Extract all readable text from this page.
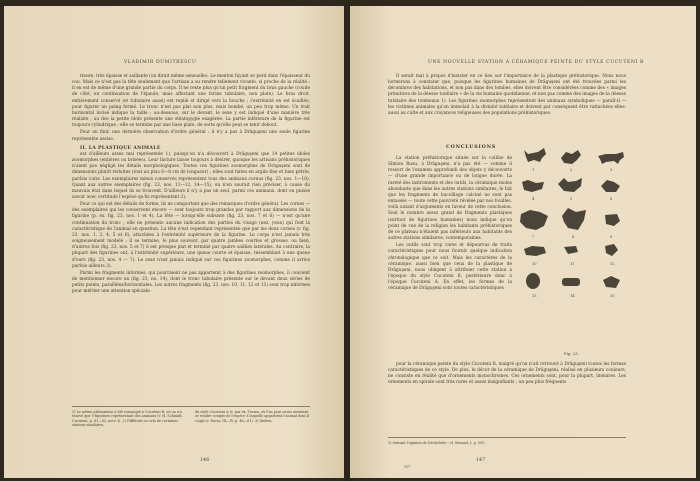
VLADIMIR DUMITRESCU

rieure, très épaisse et saillante (on dirait même sensuelle). Le menton fuyant se perd dans l'épaisseur du cou. Mais ce n'est pas la tête seulement que l'artisan a su rendre tellement vivante, si proche de la réalité : il en est de même d'une grande partie du corps. Il ne reste plus qu'un petit fragment du bras gauche (coude de côté, en continuation de l'épaule, mais affectant une forme tubulaire, non plate). Le bras droit, entièrement conservé (et tubulaire aussi) est replié et dirigé vers la bouche ; l'extrémité en est écaillée, pour figurer un poing fermé. Le tronc n'est pas plat non plus, mais bombé, un peu trop même. Un trait horizontal incisé indique la taille ; au-dessous, sur le devant, le sexe y est indiqué d'une manière très réaliste ; au dos la petite idole présente une stéatopygie exagérée. La partie inférieure de la figurine est toujours cylindrique ; elle se termine par une base plate, de sorte qu'elle peut se tenir debout.

Pour en finir, une dernière observation d'ordre général : il n'y a pas à Drăguşeni une seule figurine représentée assise.

II. LA PLASTIQUE ANIMALE

est d'ailleurs assez mal représentée 1), puisqu'on n'a découvert à Drăguşeni que 14 petites idoles zoomorphes (entières ou brisées). Leur facture laisse toujours à désirer, quoique les artisans préhistoriques n'aient pas négligé les détails morphologiques. Toutes ces figurines zoomorphes de Drăguşeni sont de dimensions plutôt réduites (tout au plus 6—8 cm de longueur) ; elles sont faites en argile fine et bien pétrie, parfois cuite. Les exemplaires mieux conservés représentent tous des animaux cornus (fig. 23, nos. 1—10). Quant aux autres exemplaires (fig. 23, nos. 11—12, 14—15), on n'en saurait rien préciser, à cause du mauvais état dans lequel ils se trouvent. D'ailleurs il n'y a pas un seul, parmi ces animaux, dont on puisse savoir avec certitude l'espèce qu'ils représentent 2).

Pour ce qui est des détails de forme, ils ne comportent que des remarques d'ordre général. Les cornes — des exemplaires qui les conservent encore — sont toujours trop grandes par rapport aux dimensions de la figurine (p. ex. fig. 23, nos. 1 et 4). La tête — lorsqu'elle subsiste (fig. 23, nos. 7 et 8) — n'est qu'une continuation du tronc ; elle ne présente aucune indication des parties du visage (nez, yeux) qui font la caractéristique de l'animal en question. La tête n'est cependant représentée que par les deux cornes (v. fig. 23, nos. 1, 2, 4, 5 et 6), attachées à l'extrémité supérieure de la figurine. Le corps n'est jamais très soigneusement modelé ; il se termine, le plus souvent, par quatre jambes courtes et grosses, ou bien, d'autres fois (fig. 23, nos. 5 et 7) il est presque plat et terminé par quatre saillies latérales. Au contraire, la plupart des figurines ont, à l'extrémité supérieure, une queue courte et épaisse, ressemblant à une queue d'ours (fig. 23, nos. 4 — 7). Le sexe n'est jamais indiqué sur ces figurines zoomorphes, comme il arrive parfois ailleurs 3).

Parmi les fragments informes, qui pourraient ne pas appartenir à des figurines zoomorphes, il convient de mentionner encore un (fig. 23, no. 14), dont le tronc tubulaire présente sur le devant deux séries de petits points, parallèles/horizontales. Les autres fragments (fig. 23, nos. 10, 11, 12 et 13) sont trop informes pour mériter une attention spéciale.

1) Le même phénomène a été remarqué à Cucuteni B, où on n'a trouvé que 9 figurines représentant des animaux (v. H. Schmidt, Cucuteni, p. 81—82, note 3). 2) Différent en cela de certaines stations similaires,
du style Cucuteni A (v. par ex. Traian, où l'on peut assez aisément se rendre compte de l'espèce à laquelle appartient l'animal dont il s'agit (v. Dacia, III—IV, p. 46—61). 3) Ibidem.
146
UNE NOUVELLE STATION À CÉRAMIQUE PEINTE DU STYLE CUCUTENI B

Il serait mal à propos d'insister en ce lieu sur l'importance de la plastique préhistorique. Nous nous bornerons à constater que, puisque les figurines humaines de Drăguşeni ont été trouvées parmi les décombres des habitations, et non pas dans des tombes, elles doivent être considérées comme des « images primitives de la déesse tutélaire » de la vie humaine quotidienne, et non pas comme des images de la déesse tutélaire des tombeaux 1). Les figurines zoomorphes représentent des animaux symboliques — paraît-il — les victimes animales qu'on immolait à la divinité tutélaire et doivent par conséquent être rattachées elles-aussi au culte et aux croyances religieuses des populations préhistoriques.

CONCLUSIONS

La station préhistorique située sur la colline de Sîmion Rusu, à Drăguşeni, n'a pas été — comme il ressort de l'examen approfondi des objets y découverts — d'une grande importance ou de longue durée. La rareté des instruments et des outils, la céramique moins abondante que dans les autres stations similaires, le fait que les fragments de bucolllage calciné ne sont pas entassés — toute cette pauvreté révélée par nos fouilles, voilà autant d'arguments en faveur de cette conclusion. Seul le nombre assez grand de fragments plastiques (surtout de figurines humaines) nous indique qu'on point de vue de la religion les habitants préhistoriques de ce plateau n'étaient pas inférieurs aux habitants des autres stations similaires, contemporaines.

Les outils sont trop rares et dépourvus de traits caractéristiques pour nous fournir quelque indication chronologique que ce soit. Mais les caractères de la céramique, aussi bien que ceux de la plastique de Drăguşeni, nous obligent à attribuer cette station à l'époque du style Cucuteni B, postérieure donc à l'époque Cucuteni A. En effet, les formes de la céramique de Drăguşeni sont toutes caractéristiques

1	2	3
4	5	6
7	8	9
10	11	12
13	14	15
Fig. 23.

pour la céramique peinte du style Cucuteni B, malgré qu'on n'ait retrouvé à Drăguşeni toutes les formes caractéristiques de ce style. De plus, le décor de la céramique de Drăguşeni, réalisé en plusieurs couleurs, ne consiste en réalité que d'ornements monochromes. Ces ornements sont, pour la plupart, linéaires. Les ornements en spirale sont très rares et assez insignifiants ; un peu plus fréquents

1) Suivant l'opinion de Déchelette ; cf. Manuel, I, p. 595.
147
10*
